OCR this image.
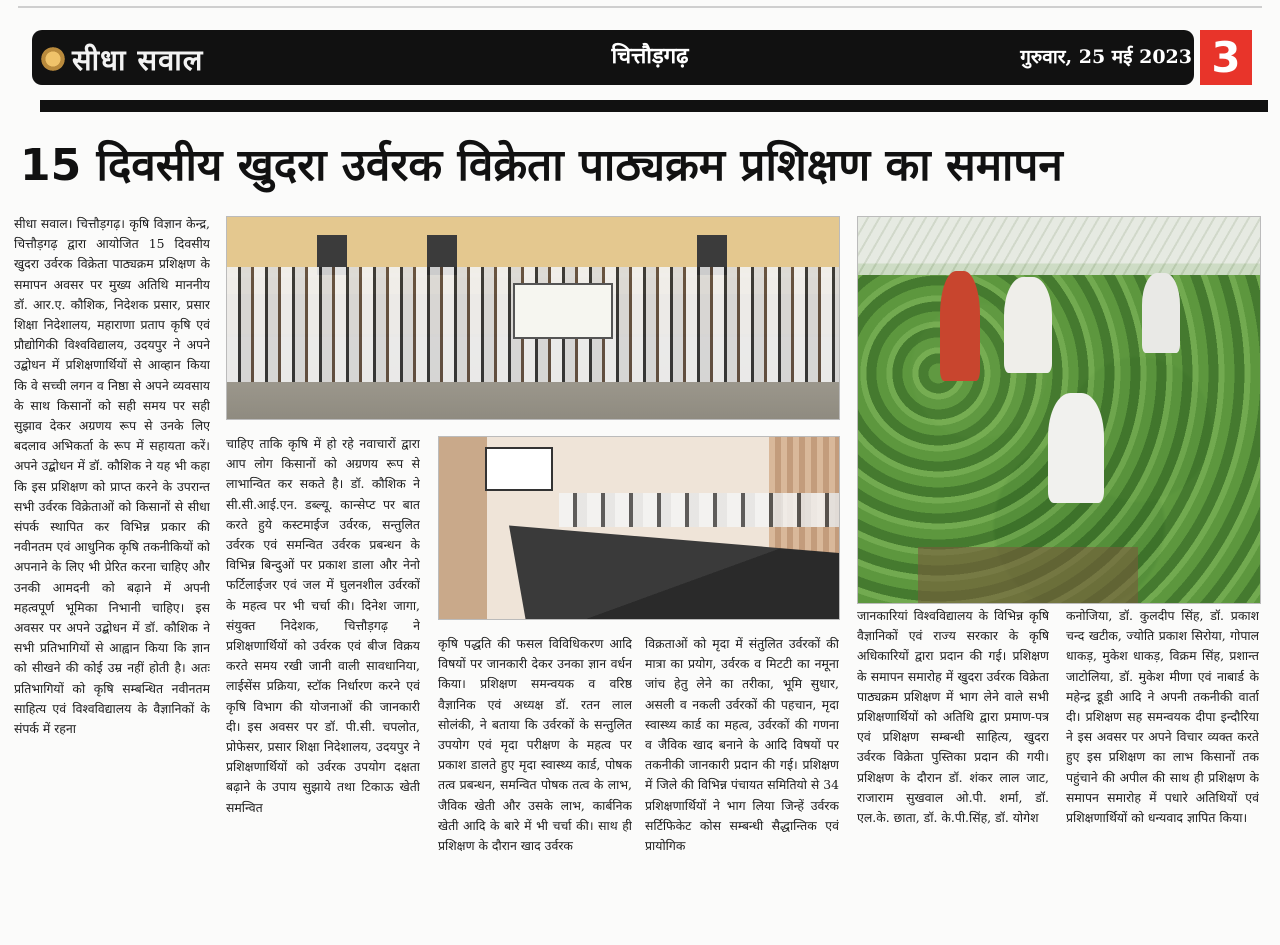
सीधा सवाल	चित्तौड़गढ़	गुरुवार, 25 मई 2023 3
15 दिवसीय खुदरा उर्वरक विक्रेता पाठ्यक्रम प्रशिक्षण का समापन
सीधा सवाल। चित्तौड़गढ़। कृषि विज्ञान केन्द्र, चित्तौड़गढ़ द्वारा आयोजित 15 दिवसीय खुदरा उर्वरक विक्रेता पाठ्यक्रम प्रशिक्षण के समापन अवसर पर मुख्य अतिथि माननीय डॉ. आर.ए. कौशिक, निदेशक प्रसार, प्रसार शिक्षा निदेशालय, महाराणा प्रताप कृषि एवं प्रौद्योगिकी विश्वविद्यालय, उदयपुर ने अपने उद्बोधन में प्रशिक्षणार्थियों से आव्हान किया कि वे सच्ची लगन व निष्ठा से अपने व्यवसाय के साथ किसानों को सही समय पर सही सुझाव देकर अग्रणय रूप से उनके लिए बदलाव अभिकर्ता के रूप में सहायता करें। अपने उद्बोधन में डॉ. कौशिक ने यह भी कहा कि इस प्रशिक्षण को प्राप्त करने के उपरान्त सभी उर्वरक विक्रेताओं को किसानों से सीधा संपर्क स्थापित कर विभिन्न प्रकार की नवीनतम एवं आधुनिक कृषि तकनीकियों को अपनाने के लिए भी प्रेरित करना चाहिए और उनकी आमदनी को बढ़ाने में अपनी महत्वपूर्ण भूमिका निभानी चाहिए। इस अवसर पर अपने उद्बोधन में डॉ. कौशिक ने सभी प्रतिभागियों से आह्वान किया कि ज्ञान को सीखने की कोई उम्र नहीं होती है। अतः प्रतिभागियों को कृषि सम्बन्धित नवीनतम साहित्य एवं विश्वविद्यालय के वैज्ञानिकों के संपर्क में रहना
चाहिए ताकि कृषि में हो रहे नवाचारों द्वारा आप लोग किसानों को अग्रणय रूप से लाभान्वित कर सकते है। डॉ. कौशिक ने सी.सी.आई.एन. डब्ल्यू. कान्सेप्ट पर बात करते हुये कस्टमाईज उर्वरक, सन्तुलित उर्वरक एवं समन्वित उर्वरक प्रबन्धन के विभिन्न बिन्दुओं पर प्रकाश डाला और नेनो फर्टिलाईजर एवं जल में घुलनशील उर्वरकों के महत्व पर भी चर्चा की। दिनेश जागा, संयुक्त निदेशक, चित्तौड़गढ़ ने प्रशिक्षणार्थियों को उर्वरक एवं बीज विक्रय करते समय रखी जानी वाली सावधानिया, लाईसेंस प्रक्रिया, स्टॉक निर्धारण करने एवं कृषि विभाग की योजनाओं की जानकारी दी। इस अवसर पर डॉ. पी.सी. चपलोत, प्रोफेसर, प्रसार शिक्षा निदेशालय, उदयपुर ने प्रशिक्षणार्थियों को उर्वरक उपयोग दक्षता बढ़ाने के उपाय सुझाये तथा टिकाऊ खेती समन्वित
कृषि पद्धति की फसल विविधिकरण आदि विषयों पर जानकारी देकर उनका ज्ञान वर्धन किया। प्रशिक्षण समन्वयक व वरिष्ठ वैज्ञानिक एवं अध्यक्ष डॉ. रतन लाल सोलंकी, ने बताया कि उर्वरकों के सन्तुलित उपयोग एवं मृदा परीक्षण के महत्व पर प्रकाश डालते हुए मृदा स्वास्थ्य कार्ड, पोषक तत्व प्रबन्धन, समन्वित पोषक तत्व के लाभ, जैविक खेती और उसके लाभ, कार्बनिक खेती आदि के बारे में भी चर्चा की। साथ ही प्रशिक्षण के दौरान खाद उर्वरक
विक्रताओं को मृदा में संतुलित उर्वरकों की मात्रा का प्रयोग, उर्वरक व मिटटी का नमूना जांच हेतु लेने का तरीका, भूमि सुधार, असली व नकली उर्वरकों की पहचान, मृदा स्वास्थ्य कार्ड का महत्व, उर्वरकों की गणना व जैविक खाद बनाने के आदि विषयों पर तकनीकी जानकारी प्रदान की गई। प्रशिक्षण में जिले की विभिन्न पंचायत समितियो से 34 प्रशिक्षणार्थियों ने भाग लिया जिन्हें उर्वरक सर्टिफिकेट कोस सम्बन्धी सैद्धान्तिक एवं प्रायोगिक
जानकारियां विश्वविद्यालय के विभिन्न कृषि वैज्ञानिकों एवं राज्य सरकार के कृषि अधिकारियों द्वारा प्रदान की गई। प्रशिक्षण के समापन समारोह में खुदरा उर्वरक विक्रेता पाठ्यक्रम प्रशिक्षण में भाग लेने वाले सभी प्रशिक्षणार्थियों को अतिथि द्वारा प्रमाण-पत्र एवं प्रशिक्षण सम्बन्धी साहित्य, खुदरा उर्वरक विक्रेता पुस्तिका प्रदान की गयी। प्रशिक्षण के दौरान डॉ. शंकर लाल जाट, राजाराम सुखवाल ओ.पी. शर्मा, डॉ. एल.के. छाता, डॉ. के.पी.सिंह, डॉ. योगेश
कनोजिया, डॉ. कुलदीप सिंह, डॉ. प्रकाश चन्द खटीक, ज्योति प्रकाश सिरोया, गोपाल धाकड़, मुकेश धाकड़, विक्रम सिंह, प्रशान्त जाटोलिया, डॉ. मुकेश मीणा एवं नाबार्ड के महेन्द्र डूडी आदि ने अपनी तकनीकी वार्ता दी। प्रशिक्षण सह समन्वयक दीपा इन्दौरिया ने इस अवसर पर अपने विचार व्यक्त करते हुए इस प्रशिक्षण का लाभ किसानों तक पहुंचाने की अपील की साथ ही प्रशिक्षण के समापन समारोह में पधारे अतिथियों एवं प्रशिक्षणार्थियों को धन्यवाद ज्ञापित किया।
